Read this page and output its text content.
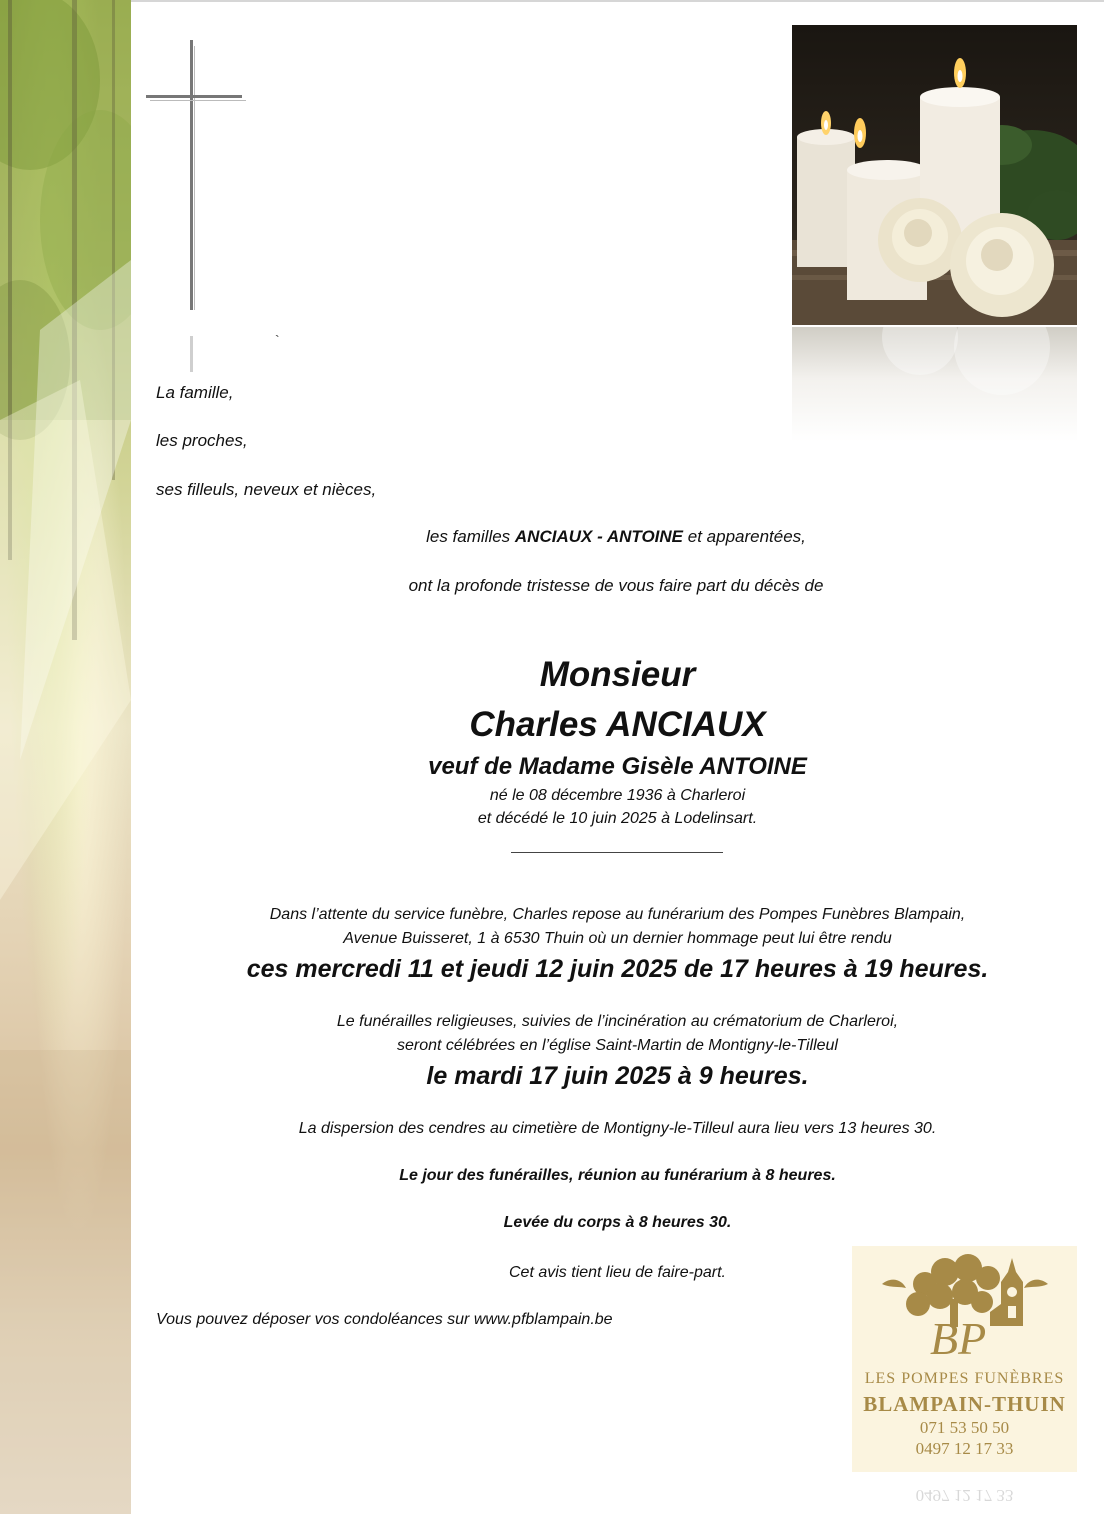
`

La famille,

les proches,

ses filleuls, neveux et nièces,

les familles ANCIAUX - ANTOINE et apparentées,

ont la profonde tristesse de vous faire part du décès de

Monsieur

Charles ANCIAUX

veuf de Madame Gisèle ANTOINE

né le 08 décembre 1936 à Charleroi

et décédé le 10 juin 2025 à Lodelinsart.

Dans l’attente du service funèbre, Charles repose au funérarium des Pompes Funèbres Blampain,

Avenue Buisseret, 1 à 6530 Thuin où un dernier hommage peut lui être rendu

ces mercredi 11 et jeudi 12 juin 2025 de 17 heures à 19 heures.

Le funérailles religieuses, suivies de l’incinération au crématorium de Charleroi,

seront célébrées en l’église Saint-Martin de Montigny-le-Tilleul

le mardi 17 juin 2025 à 9 heures.

La dispersion des cendres au cimetière de Montigny-le-Tilleul aura lieu vers 13 heures 30.

Le jour des funérailles, réunion au funérarium à 8 heures.

Levée du corps à 8 heures 30.

Cet avis tient lieu de faire-part.

Vous pouvez déposer vos condoléances sur www.pfblampain.be	BP
LES POMPES FUNÈBRES
BLAMPAIN-THUIN
071 53 50 50
0497 12 17 33
0497 12 17 33
